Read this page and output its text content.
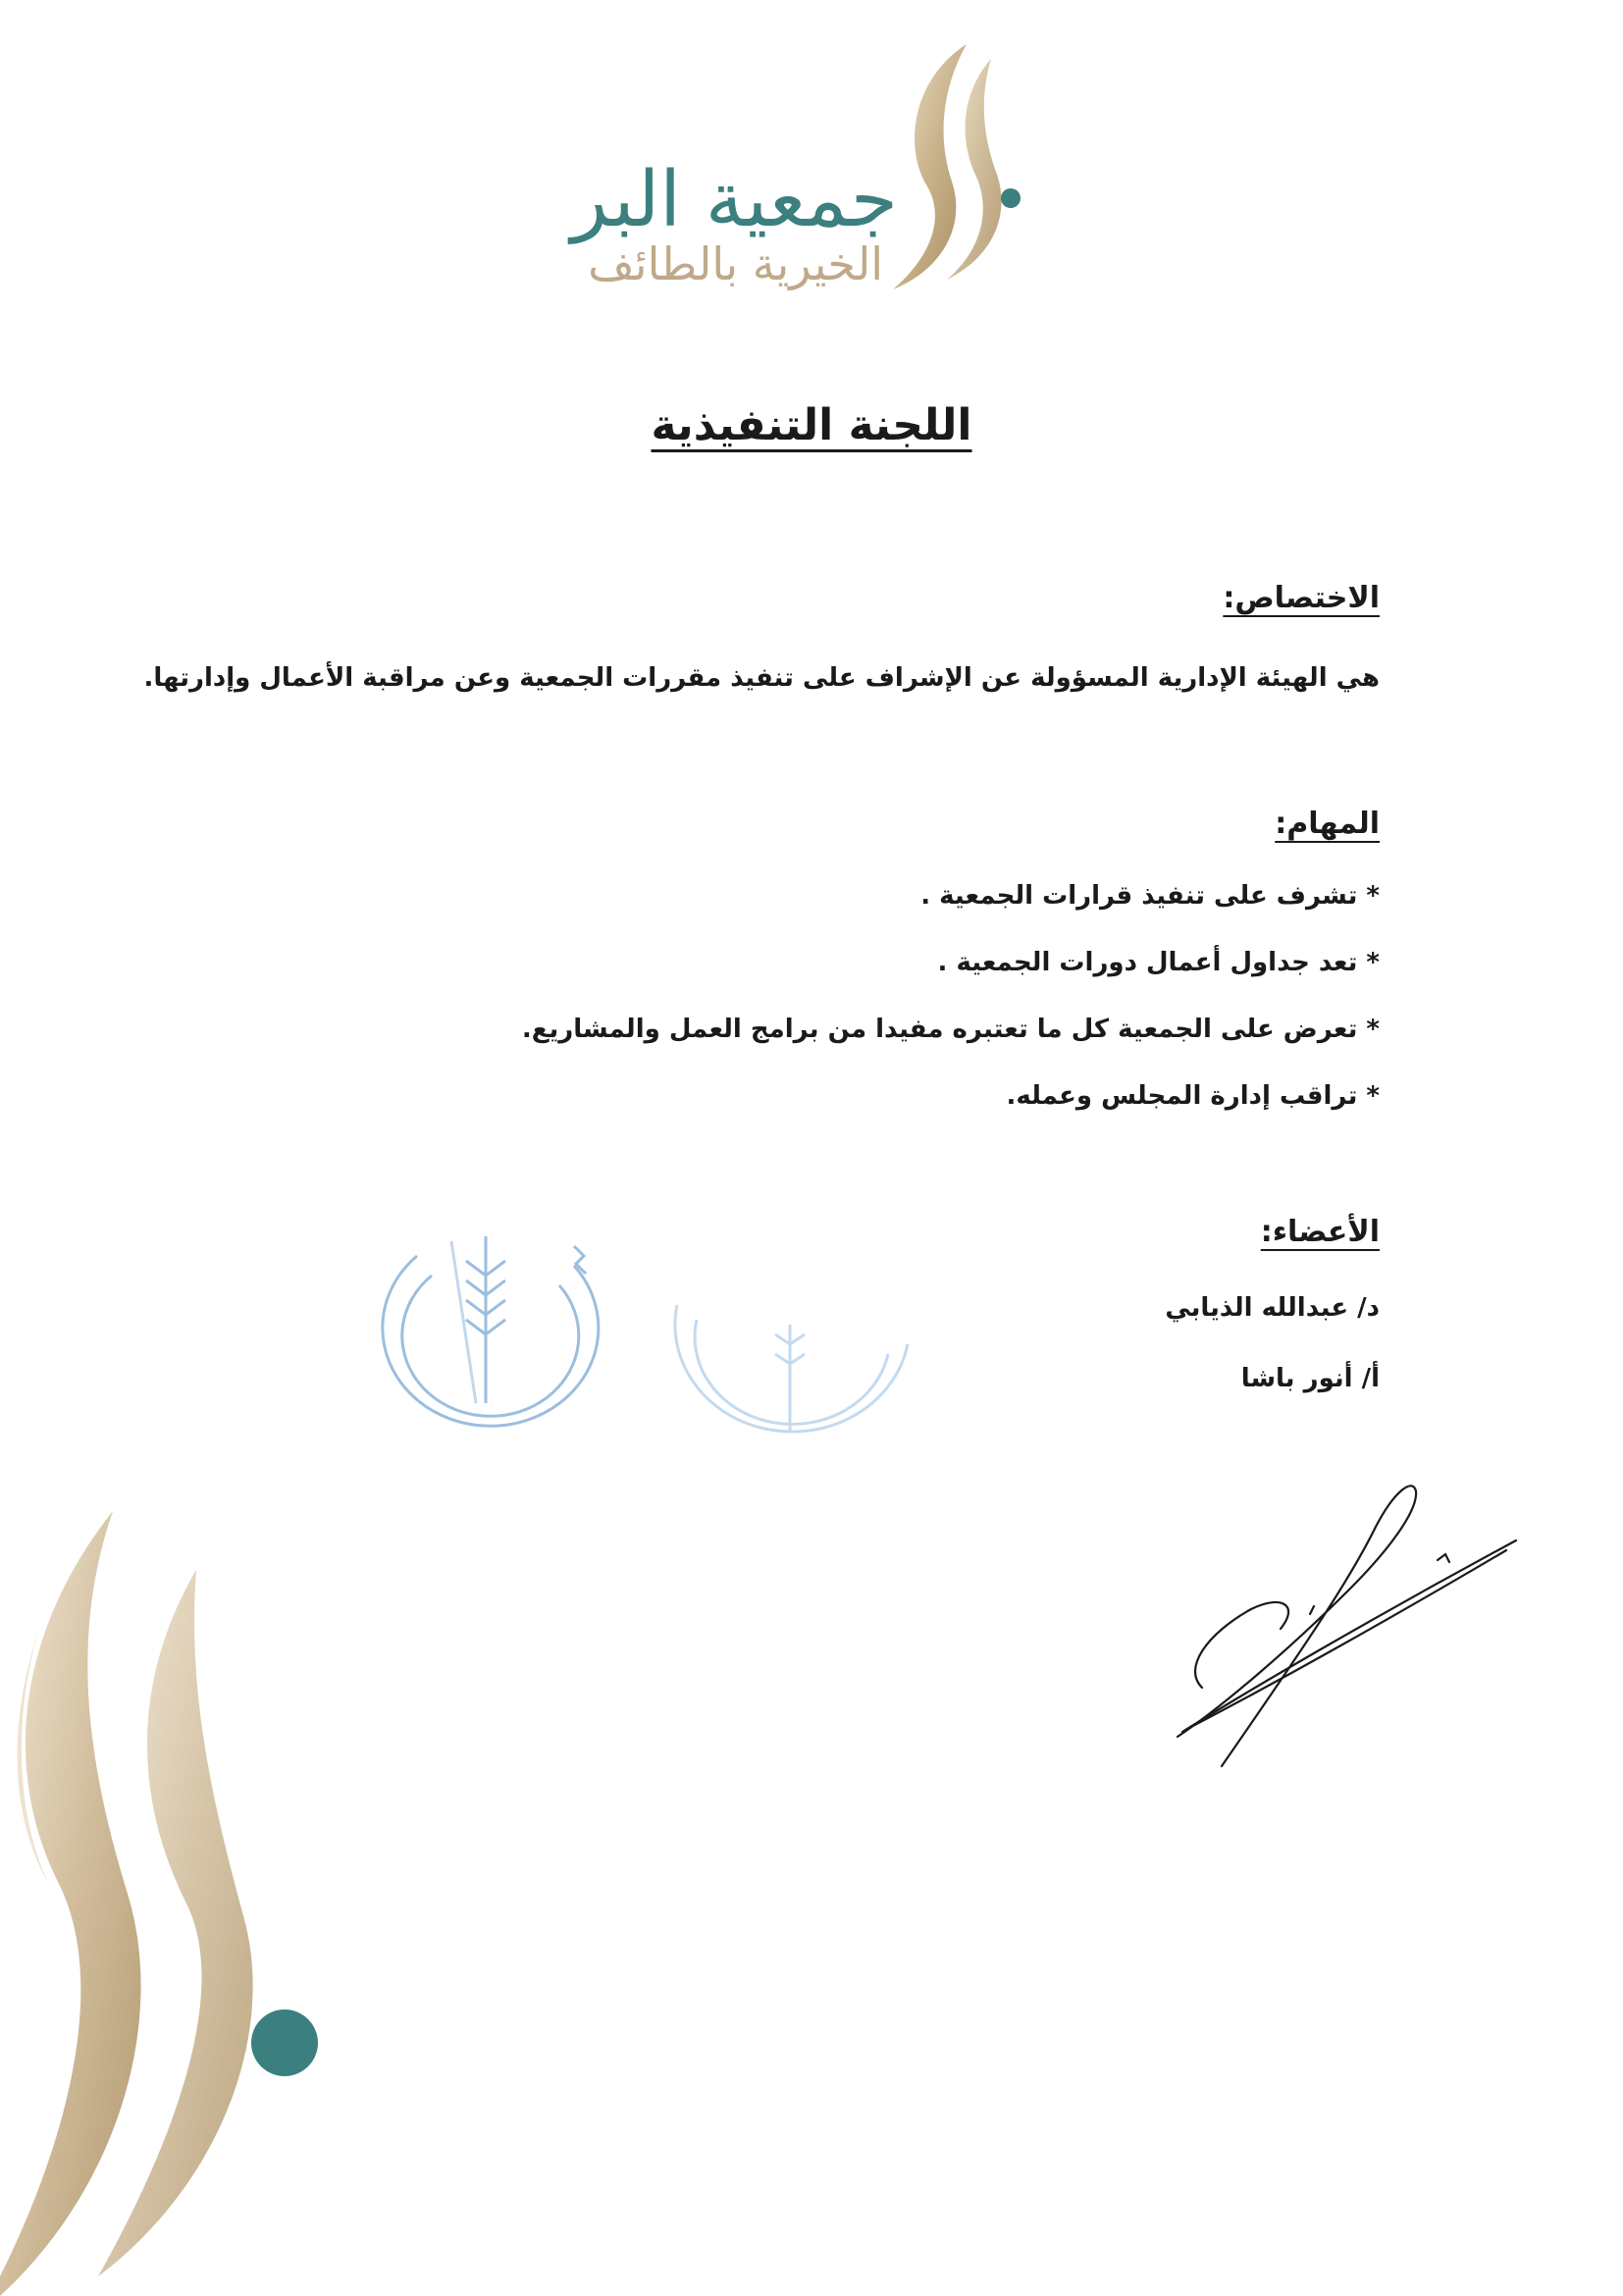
جمعية البر
الخيرية بالطائف
اللجنة التنفيذية
الاختصاص:
هي الهيئة الإدارية المسؤولة عن الإشراف على تنفيذ مقررات الجمعية وعن مراقبة الأعمال وإدارتها.
المهام:
* تشرف على تنفيذ قرارات الجمعية .
* تعد جداول أعمال دورات الجمعية .
* تعرض على الجمعية كل ما تعتبره مفيدا من برامج العمل والمشاريع.
* تراقب إدارة المجلس وعمله.
الأعضاء:
د/ عبدالله الذيابي
أ/ أنور باشا
